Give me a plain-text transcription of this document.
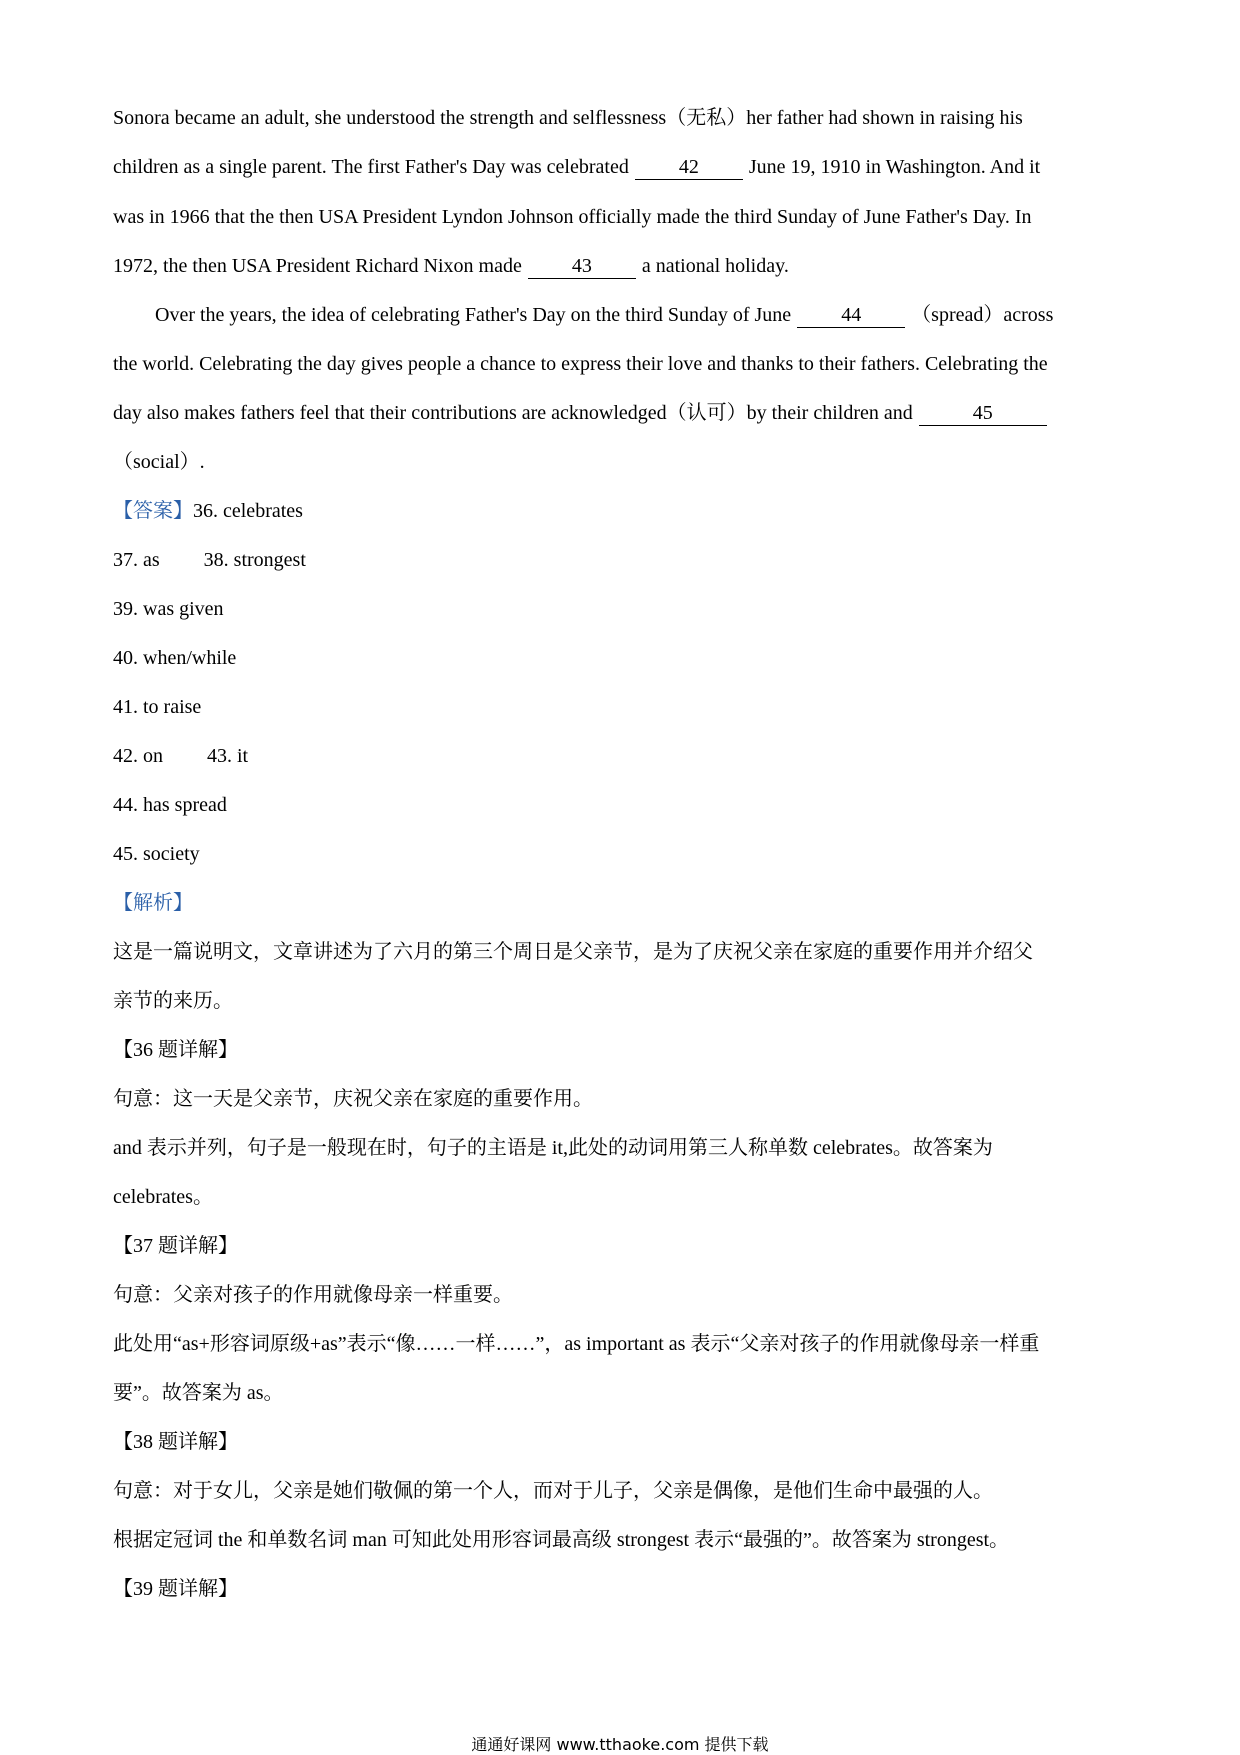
Sonora became an adult, she understood the strength and selflessness（无私）her father had shown in raising his
children as a single parent. The first Father's Day was celebrated	42	June 19, 1910 in Washington. And it
was in 1966 that the then USA President Lyndon Johnson officially made the third Sunday of June Father's Day. In
1972, the then USA President Richard Nixon made	43	a national holiday.
Over the years, the idea of celebrating Father's Day on the third Sunday of June	44	（spread）across
the world. Celebrating the day gives people a chance to express their love and thanks to their fathers. Celebrating the
day also makes fathers feel that their contributions are acknowledged（认可）by their children and	45
（social）.
【答案】36. celebrates
37. as 38. strongest
39. was given
40. when/while
41. to raise
42. on 43. it
44. has spread
45. society
【解析】
这是一篇说明文，文章讲述为了六月的第三个周日是父亲节，是为了庆祝父亲在家庭的重要作用并介绍父
亲节的来历。
【36 题详解】
句意：这一天是父亲节，庆祝父亲在家庭的重要作用。
and 表示并列，句子是一般现在时，句子的主语是 it,此处的动词用第三人称单数 celebrates。故答案为
celebrates。
【37 题详解】
句意：父亲对孩子的作用就像母亲一样重要。
此处用“as+形容词原级+as”表示“像……一样……”，as important as 表示“父亲对孩子的作用就像母亲一样重
要”。故答案为 as。
【38 题详解】
句意：对于女儿，父亲是她们敬佩的第一个人，而对于儿子，父亲是偶像，是他们生命中最强的人。
根据定冠词 the 和单数名词 man 可知此处用形容词最高级 strongest 表示“最强的”。故答案为 strongest。
【39 题详解】
通通好课网 www.tthaoke.com 提供下载
